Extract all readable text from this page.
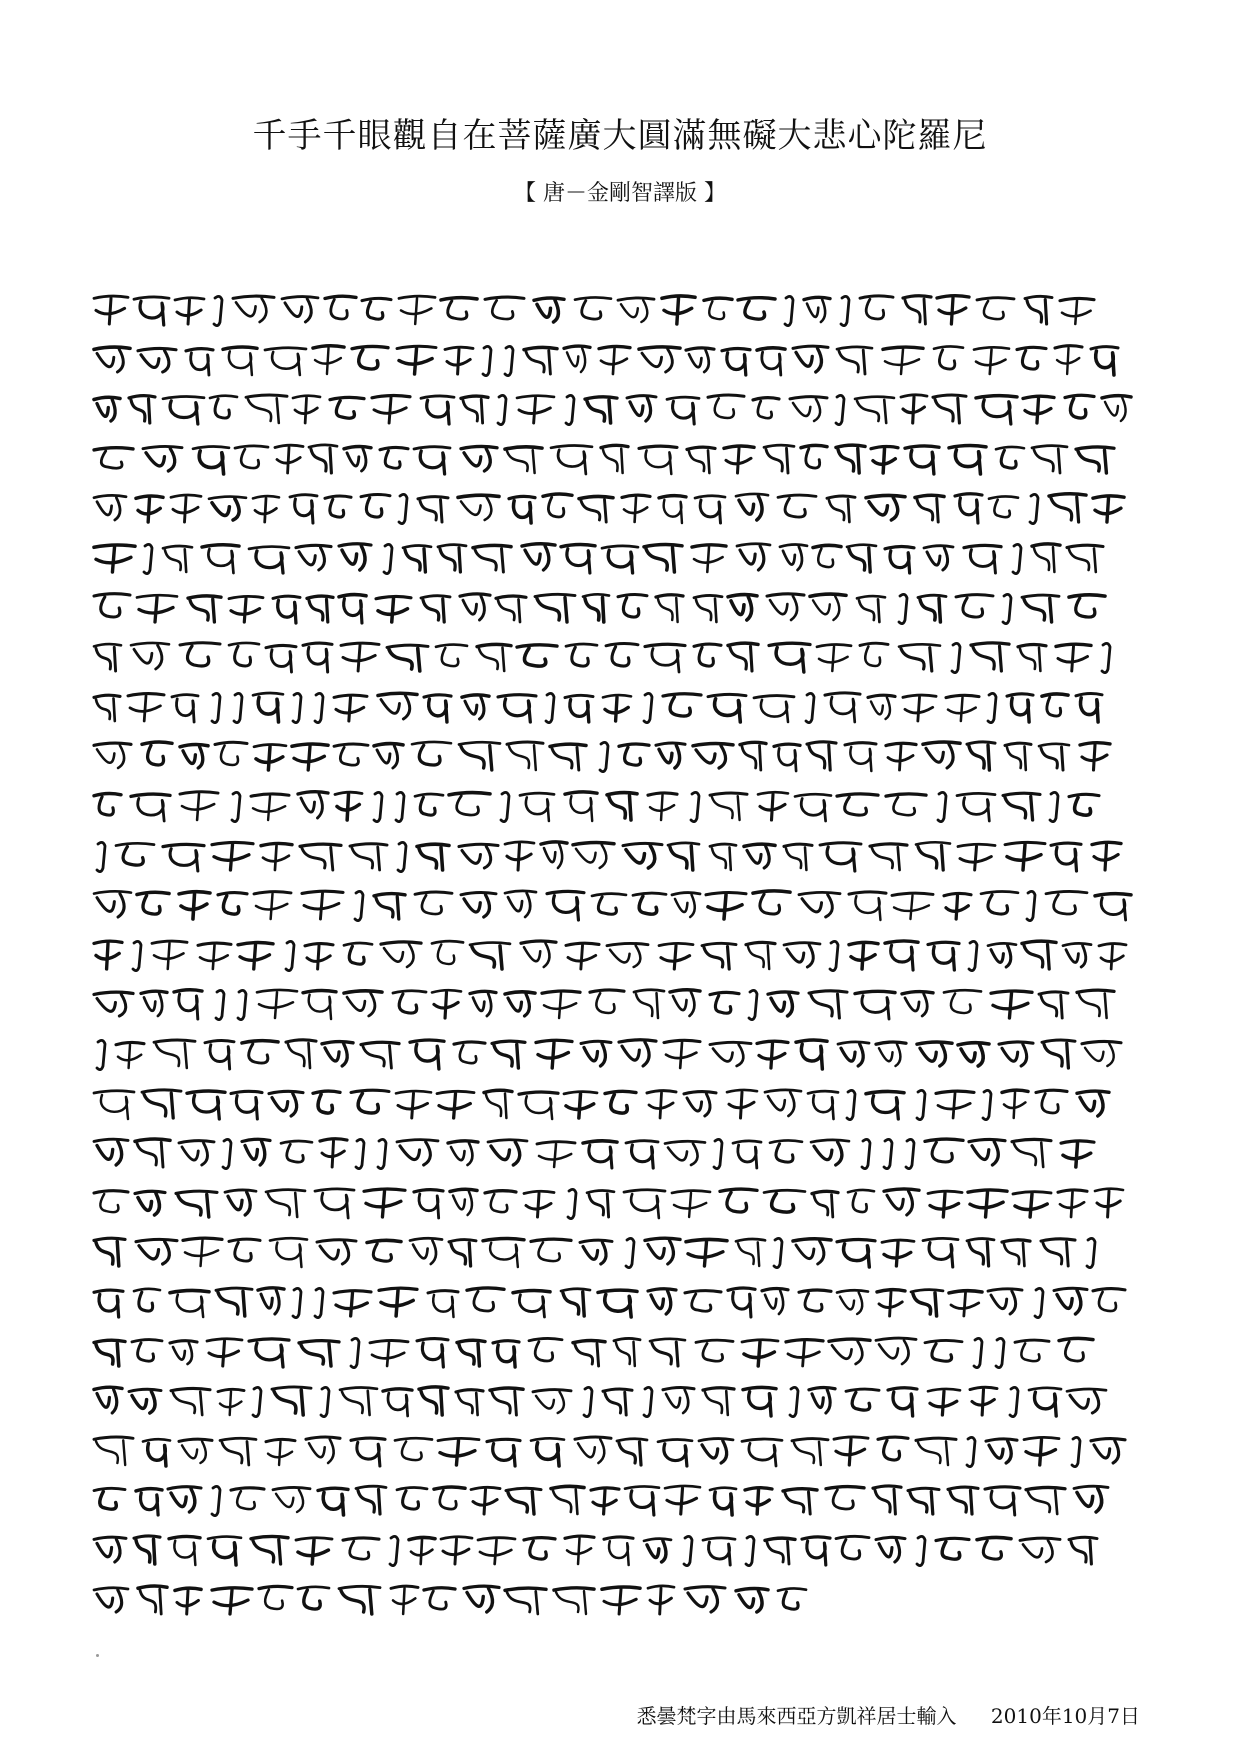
千手千眼觀自在菩薩廣大圓滿無礙大悲心陀羅尼
【 唐－金剛智譯版 】
悉曇梵字由馬來西亞方凱祥居士輸入 2010年10月7日
